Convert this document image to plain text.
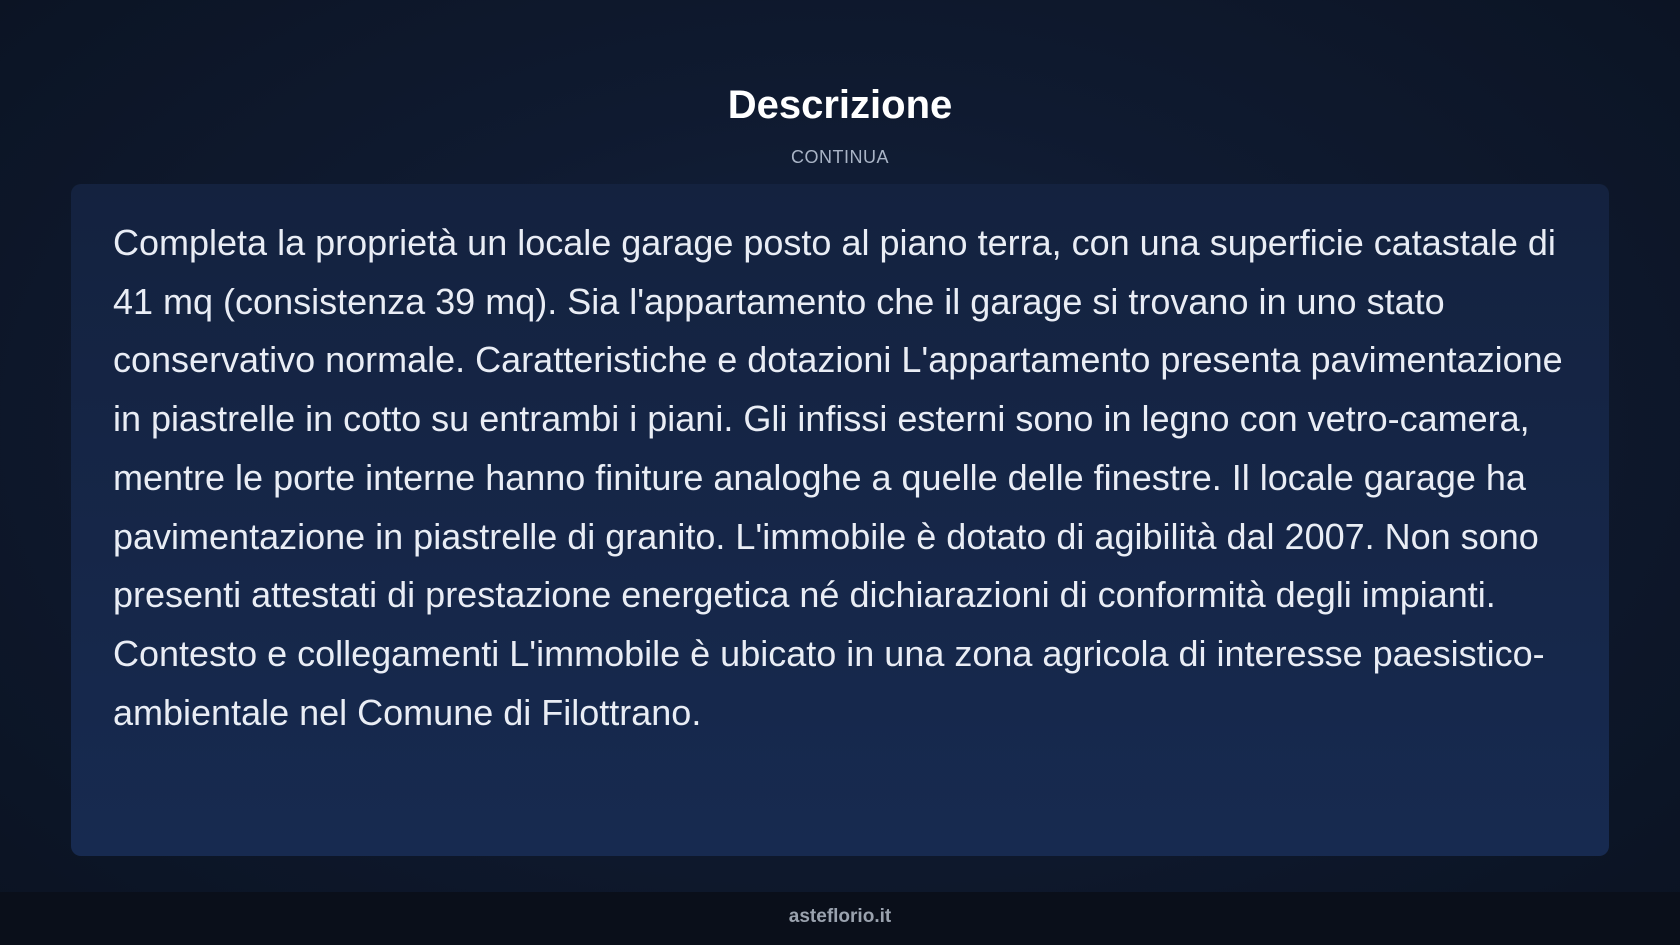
Descrizione
CONTINUA

Completa la proprietà un locale garage posto al piano terra, con una superficie catastale di 41 mq (consistenza 39 mq). Sia l'appartamento che il garage si trovano in uno stato conservativo normale. Caratteristiche e dotazioni L'appartamento presenta pavimentazione in piastrelle in cotto su entrambi i piani. Gli infissi esterni sono in legno con vetro-camera, mentre le porte interne hanno finiture analoghe a quelle delle finestre. Il locale garage ha pavimentazione in piastrelle di granito. L'immobile è dotato di agibilità dal 2007. Non sono presenti attestati di prestazione energetica né dichiarazioni di conformità degli impianti. Contesto e collegamenti L'immobile è ubicato in una zona agricola di interesse paesistico-ambientale nel Comune di Filottrano.

asteflorio.it
